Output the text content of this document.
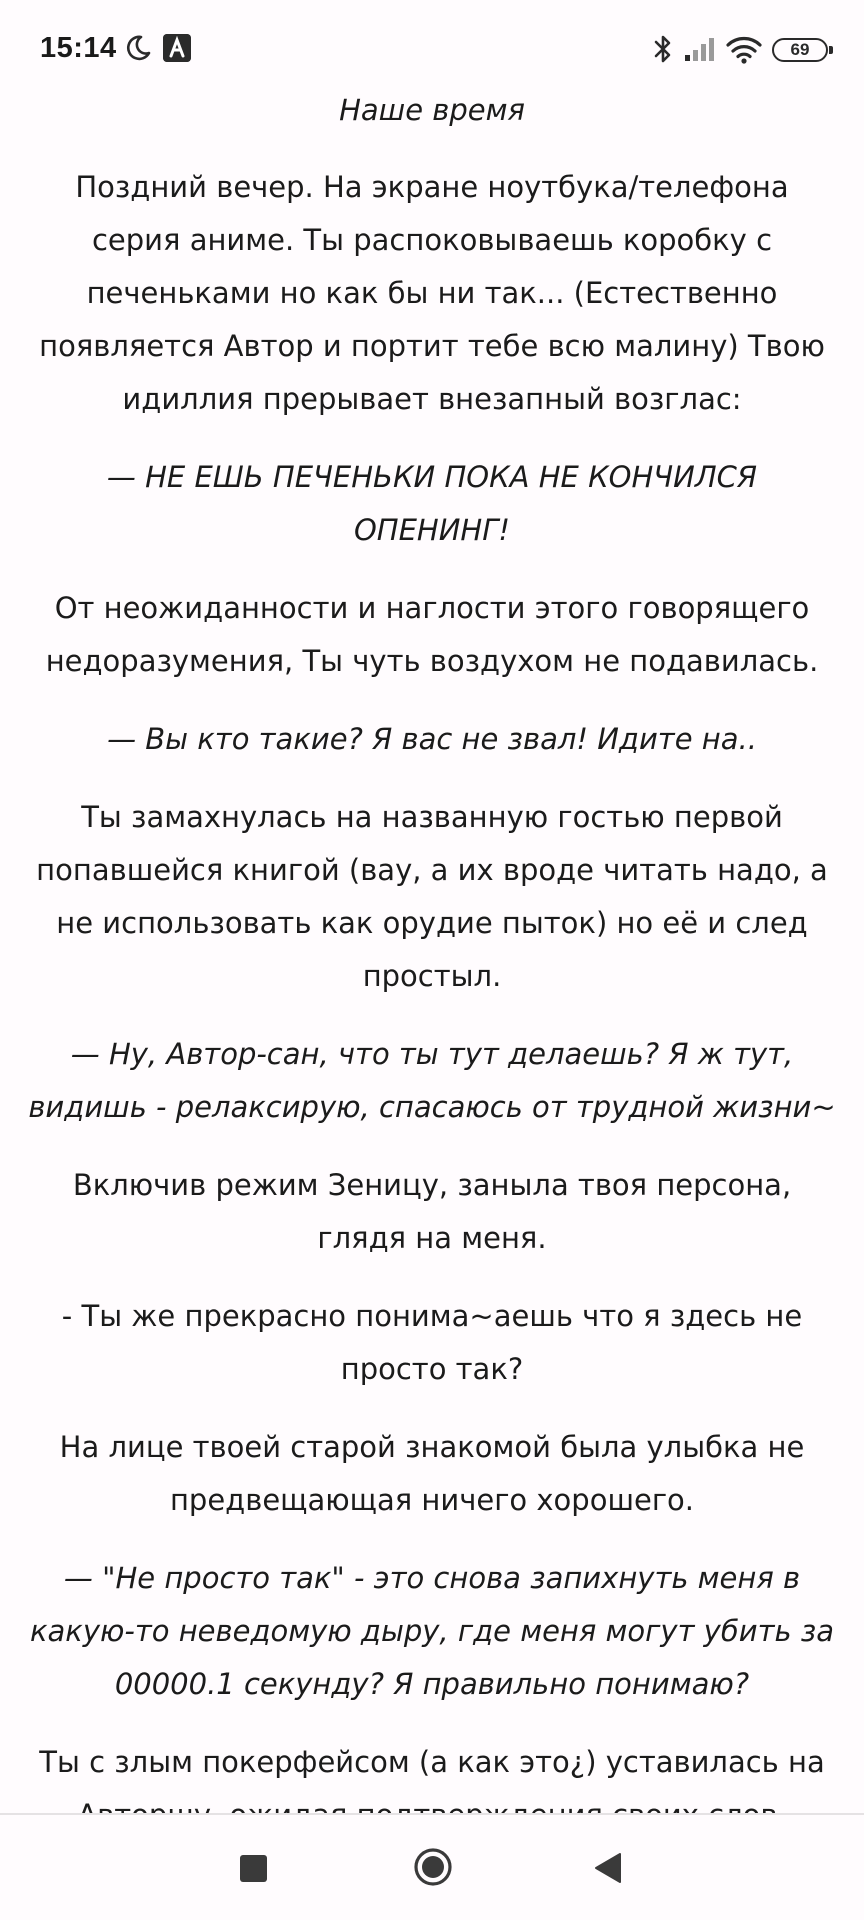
15:14	69

Наше время

Поздний вечер. На экране ноутбука/телефона серия аниме. Ты распоковываешь коробку с печеньками но как бы ни так... (Естественно появляется Автор и портит тебе всю малину) Твою идиллия прерывает внезапный возглас:

— НЕ ЕШЬ ПЕЧЕНЬКИ ПОКА НЕ КОНЧИЛСЯ ОПЕНИНГ!

От неожиданности и наглости этого говорящего недоразумения, Ты чуть воздухом не подавилась.

— Вы кто такие? Я вас не звал! Идите на..

Ты замахнулась на названную гостью первой попавшейся книгой (вау, а их вроде читать надо, а не использовать как орудие пыток) но её и след простыл.

— Ну, Автор-сан, что ты тут делаешь? Я ж тут, видишь - релаксирую, спасаюсь от трудной жизни~

Включив режим Зеницу, заныла твоя персона, глядя на меня.

- Ты же прекрасно понима~аешь что я здесь не просто так?

На лице твоей старой знакомой была улыбка не предвещающая ничего хорошего.

— "Не просто так" - это снова запихнуть меня в какую-то неведомую дыру, где меня могут убить за 00000.1 секунду? Я правильно понимаю?

Ты с злым покерфейсом (а как это¿) уставилась на
